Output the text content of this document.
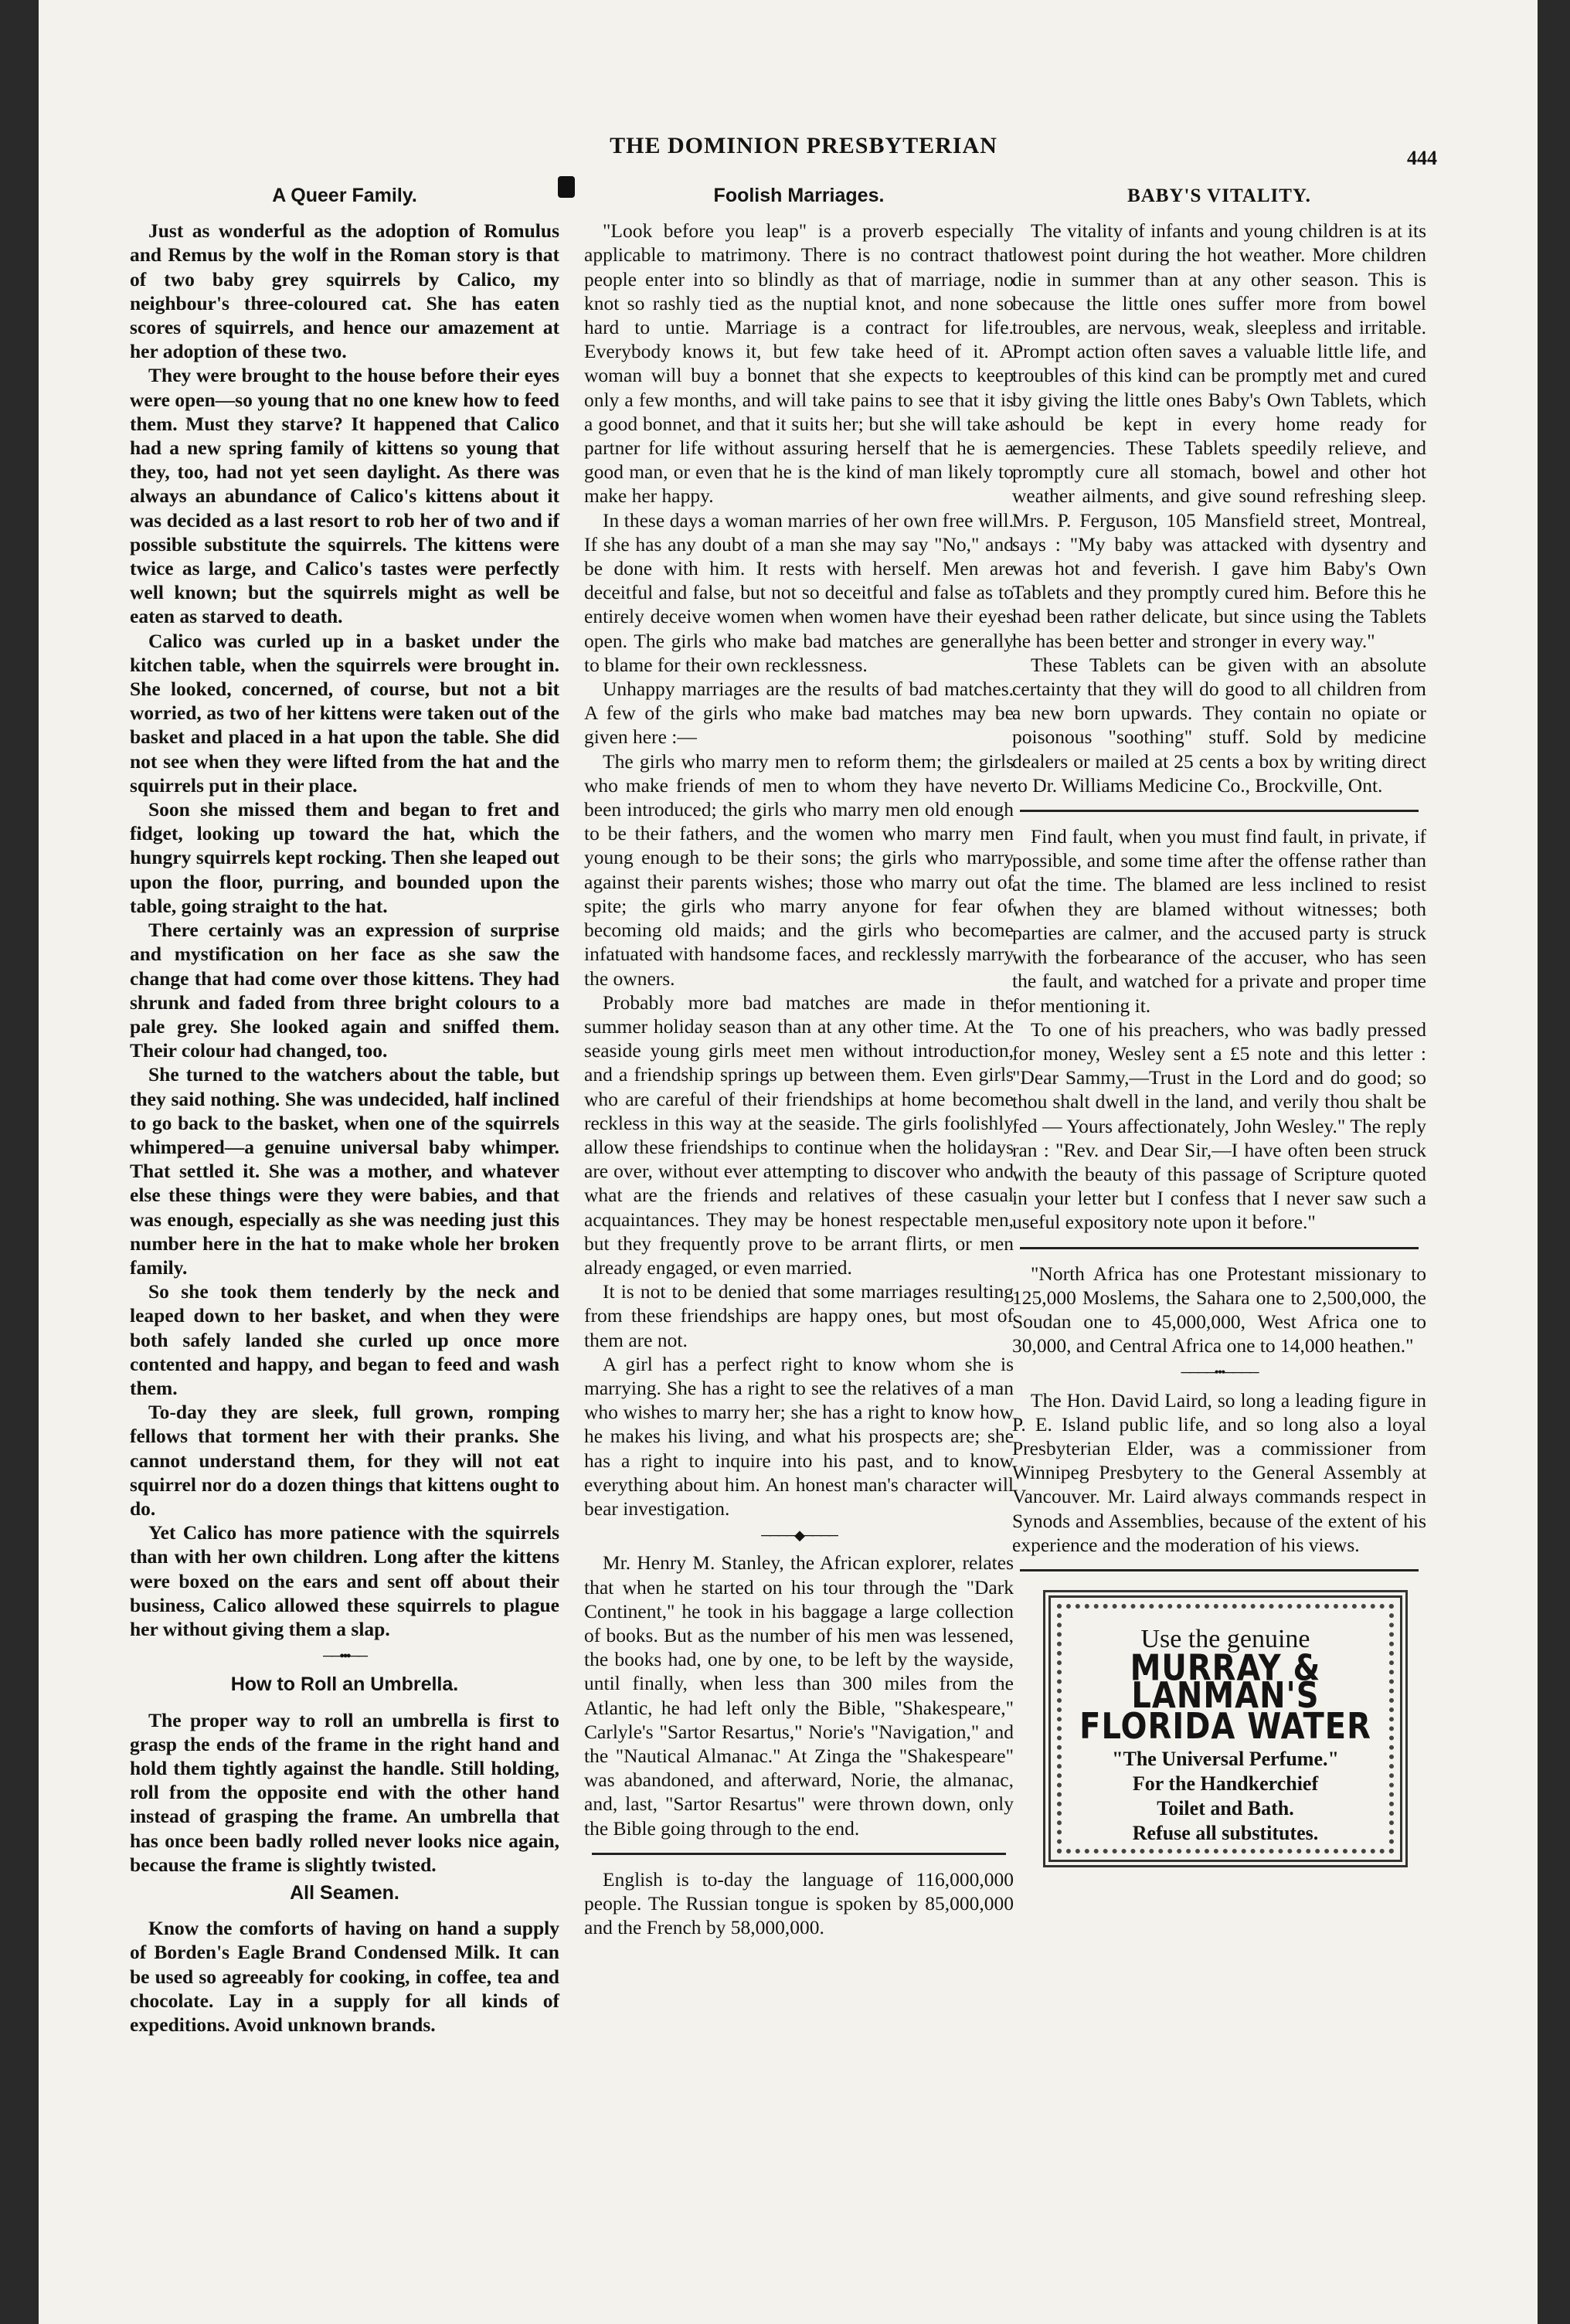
THE DOMINION PRESBYTERIAN	444
A Queer Family.

Just as wonderful as the adoption of Romulus and Remus by the wolf in the Roman story is that of two baby grey squirrels by Calico, my neighbour's three-coloured cat. She has eaten scores of squirrels, and hence our amazement at her adoption of these two.

They were brought to the house before their eyes were open—so young that no one knew how to feed them. Must they starve? It happened that Calico had a new spring family of kittens so young that they, too, had not yet seen daylight. As there was always an abundance of Calico's kittens about it was decided as a last resort to rob her of two and if possible substitute the squirrels. The kittens were twice as large, and Calico's tastes were perfectly well known; but the squirrels might as well be eaten as starved to death.

Calico was curled up in a basket under the kitchen table, when the squirrels were brought in. She looked, concerned, of course, but not a bit worried, as two of her kittens were taken out of the basket and placed in a hat upon the table. She did not see when they were lifted from the hat and the squirrels put in their place.

Soon she missed them and began to fret and fidget, looking up toward the hat, which the hungry squirrels kept rocking. Then she leaped out upon the floor, purring, and bounded upon the table, going straight to the hat.

There certainly was an expression of surprise and mystification on her face as she saw the change that had come over those kittens. They had shrunk and faded from three bright colours to a pale grey. She looked again and sniffed them. Their colour had changed, too.

She turned to the watchers about the table, but they said nothing. She was undecided, half inclined to go back to the basket, when one of the squirrels whimpered—a genuine universal baby whimper. That settled it. She was a mother, and whatever else these things were they were babies, and that was enough, especially as she was needing just this number here in the hat to make whole her broken family.

So she took them tenderly by the neck and leaped down to her basket, and when they were both safely landed she curled up once more contented and happy, and began to feed and wash them.

To-day they are sleek, full grown, romping fellows that torment her with their pranks. She cannot understand them, for they will not eat squirrel nor do a dozen things that kittens ought to do.

Yet Calico has more patience with the squirrels than with her own children. Long after the kittens were boxed on the ears and sent off about their business, Calico allowed these squirrels to plague her without giving them a slap.

──•••──
How to Roll an Umbrella.

The proper way to roll an umbrella is first to grasp the ends of the frame in the right hand and hold them tightly against the handle. Still holding, roll from the opposite end with the other hand instead of grasping the frame. An umbrella that has once been badly rolled never looks nice again, because the frame is slightly twisted.

All Seamen.

Know the comforts of having on hand a supply of Borden's Eagle Brand Condensed Milk. It can be used so agreeably for cooking, in coffee, tea and chocolate. Lay in a supply for all kinds of expeditions. Avoid unknown brands.

Foolish Marriages.

"Look before you leap" is a proverb especially applicable to matrimony. There is no contract that people enter into so blindly as that of marriage, no knot so rashly tied as the nuptial knot, and none so hard to untie. Marriage is a contract for life. Everybody knows it, but few take heed of it. A woman will buy a bonnet that she expects to keep only a few months, and will take pains to see that it is a good bonnet, and that it suits her; but she will take a partner for life without assuring herself that he is a good man, or even that he is the kind of man likely to make her happy.

In these days a woman marries of her own free will. If she has any doubt of a man she may say "No," and be done with him. It rests with herself. Men are deceitful and false, but not so deceitful and false as to entirely deceive women when women have their eyes open. The girls who make bad matches are generally to blame for their own recklessness.

Unhappy marriages are the results of bad matches. A few of the girls who make bad matches may be given here :—

The girls who marry men to reform them; the girls who make friends of men to whom they have never been introduced; the girls who marry men old enough to be their fathers, and the women who marry men young enough to be their sons; the girls who marry against their parents wishes; those who marry out of spite; the girls who marry anyone for fear of becoming old maids; and the girls who become infatuated with handsome faces, and recklessly marry the owners.

Probably more bad matches are made in the summer holiday season than at any other time. At the seaside young girls meet men without introduction, and a friendship springs up between them. Even girls who are careful of their friendships at home become reckless in this way at the seaside. The girls foolishly allow these friendships to continue when the holidays are over, without ever attempting to discover who and what are the friends and relatives of these casual acquaintances. They may be honest respectable men, but they frequently prove to be arrant flirts, or men already engaged, or even married.

It is not to be denied that some marriages resulting from these friendships are happy ones, but most of them are not.

A girl has a perfect right to know whom she is marrying. She has a right to see the relatives of a man who wishes to marry her; she has a right to know how he makes his living, and what his prospects are; she has a right to inquire into his past, and to know everything about him. An honest man's character will bear investigation.

────◆────

Mr. Henry M. Stanley, the African explorer, relates that when he started on his tour through the "Dark Continent," he took in his baggage a large collection of books. But as the number of his men was lessened, the books had, one by one, to be left by the wayside, until finally, when less than 300 miles from the Atlantic, he had left only the Bible, "Shakespeare," Carlyle's "Sartor Resartus," Norie's "Navigation," and the "Nautical Almanac." At Zinga the "Shakespeare" was abandoned, and afterward, Norie, the almanac, and, last, "Sartor Resartus" were thrown down, only the Bible going through to the end.

English is to-day the language of 116,000,000 people. The Russian tongue is spoken by 85,000,000 and the French by 58,000,000.

BABY'S VITALITY.

The vitality of infants and young children is at its lowest point during the hot weather. More children die in summer than at any other season. This is because the little ones suffer more from bowel troubles, are nervous, weak, sleepless and irritable. Prompt action often saves a valuable little life, and troubles of this kind can be promptly met and cured by giving the little ones Baby's Own Tablets, which should be kept in every home ready for emergencies. These Tablets speedily relieve, and promptly cure all stomach, bowel and other hot weather ailments, and give sound refreshing sleep. Mrs. P. Ferguson, 105 Mansfield street, Montreal, says : "My baby was attacked with dysentry and was hot and feverish. I gave him Baby's Own Tablets and they promptly cured him. Before this he had been rather delicate, but since using the Tablets he has been better and stronger in every way."

These Tablets can be given with an absolute certainty that they will do good to all children from a new born upwards. They contain no opiate or poisonous "soothing" stuff. Sold by medicine dealers or mailed at 25 cents a box by writing direct to Dr. Williams Medicine Co., Brockville, Ont.

Find fault, when you must find fault, in private, if possible, and some time after the offense rather than at the time. The blamed are less inclined to resist when they are blamed without witnesses; both parties are calmer, and the accused party is struck with the forbearance of the accuser, who has seen the fault, and watched for a private and proper time for mentioning it.

To one of his preachers, who was badly pressed for money, Wesley sent a £5 note and this letter : "Dear Sammy,—Trust in the Lord and do good; so thou shalt dwell in the land, and verily thou shalt be fed — Yours affectionately, John Wesley." The reply ran : "Rev. and Dear Sir,—I have often been struck with the beauty of this passage of Scripture quoted in your letter but I confess that I never saw such a useful expository note upon it before."

"North Africa has one Protestant missionary to 125,000 Moslems, the Sahara one to 2,500,000, the Soudan one to 45,000,000, West Africa one to 30,000, and Central Africa one to 14,000 heathen."

────•••────

The Hon. David Laird, so long a leading figure in P. E. Island public life, and so long also a loyal Presbyterian Elder, was a commissioner from Winnipeg Presbytery to the General Assembly at Vancouver. Mr. Laird always commands respect in Synods and Assemblies, because of the extent of his experience and the moderation of his views.

Use the genuine
MURRAY & LANMAN'S
FLORIDA WATER
"The Universal Perfume."
For the Handkerchief
Toilet and Bath.
Refuse all substitutes.
